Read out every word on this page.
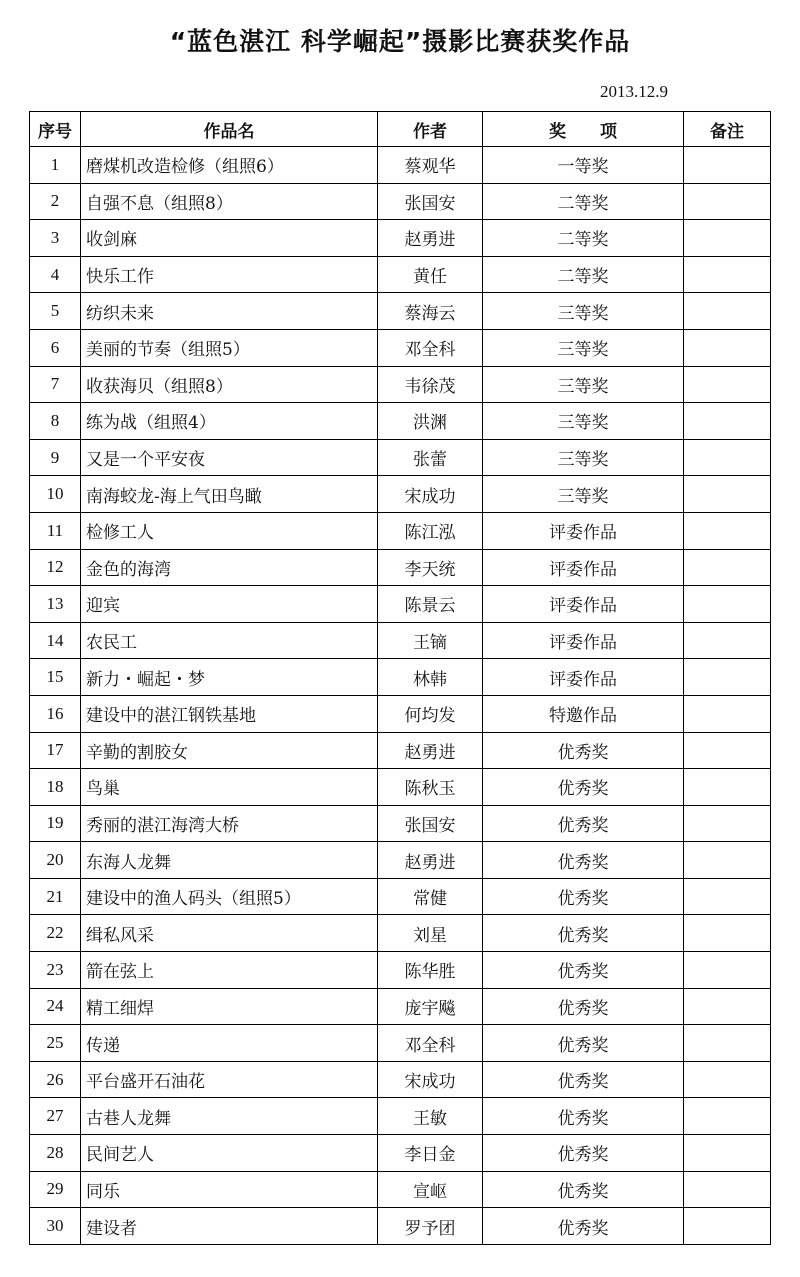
“蓝色湛江 科学崛起”摄影比赛获奖作品
2013.12.9
序号	作品名	作者	奖　　项	备注
1	磨煤机改造检修（组照6）	蔡观华	一等奖	
2	自强不息（组照8）	张国安	二等奖	
3	收剑麻	赵勇进	二等奖	
4	快乐工作	黄任	二等奖	
5	纺织未来	蔡海云	三等奖	
6	美丽的节奏（组照5）	邓全科	三等奖	
7	收获海贝（组照8）	韦徐茂	三等奖	
8	练为战（组照4）	洪渊	三等奖	
9	又是一个平安夜	张蕾	三等奖	
10	南海蛟龙-海上气田鸟瞰	宋成功	三等奖	
11	检修工人	陈江泓	评委作品	
12	金色的海湾	李天统	评委作品	
13	迎宾	陈景云	评委作品	
14	农民工	王镝	评委作品	
15	新力・崛起・梦	林韩	评委作品	
16	建设中的湛江钢铁基地	何均发	特邀作品	
17	辛勤的割胶女	赵勇进	优秀奖	
18	鸟巢	陈秋玉	优秀奖	
19	秀丽的湛江海湾大桥	张国安	优秀奖	
20	东海人龙舞	赵勇进	优秀奖	
21	建设中的渔人码头（组照5）	常健	优秀奖	
22	缉私风采	刘星	优秀奖	
23	箭在弦上	陈华胜	优秀奖	
24	精工细焊	庞宇飚	优秀奖	
25	传递	邓全科	优秀奖	
26	平台盛开石油花	宋成功	优秀奖	
27	古巷人龙舞	王敏	优秀奖	
28	民间艺人	李日金	优秀奖	
29	同乐	宣岖	优秀奖	
30	建设者	罗予团	优秀奖	
